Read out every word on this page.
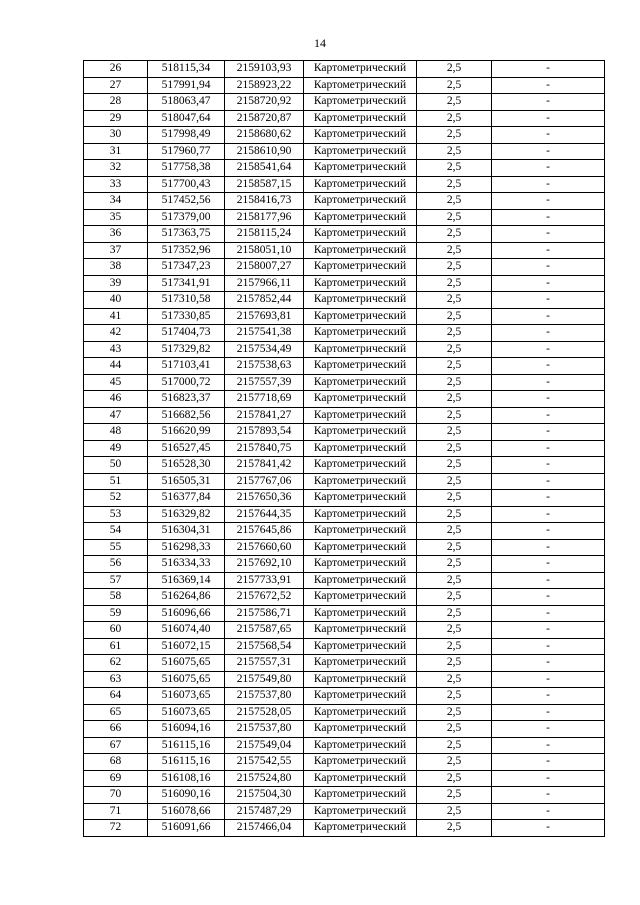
14
26	518115,34	2159103,93	Картометрический	2,5	-
27	517991,94	2158923,22	Картометрический	2,5	-
28	518063,47	2158720,92	Картометрический	2,5	-
29	518047,64	2158720,87	Картометрический	2,5	-
30	517998,49	2158680,62	Картометрический	2,5	-
31	517960,77	2158610,90	Картометрический	2,5	-
32	517758,38	2158541,64	Картометрический	2,5	-
33	517700,43	2158587,15	Картометрический	2,5	-
34	517452,56	2158416,73	Картометрический	2,5	-
35	517379,00	2158177,96	Картометрический	2,5	-
36	517363,75	2158115,24	Картометрический	2,5	-
37	517352,96	2158051,10	Картометрический	2,5	-
38	517347,23	2158007,27	Картометрический	2,5	-
39	517341,91	2157966,11	Картометрический	2,5	-
40	517310,58	2157852,44	Картометрический	2,5	-
41	517330,85	2157693,81	Картометрический	2,5	-
42	517404,73	2157541,38	Картометрический	2,5	-
43	517329,82	2157534,49	Картометрический	2,5	-
44	517103,41	2157538,63	Картометрический	2,5	-
45	517000,72	2157557,39	Картометрический	2,5	-
46	516823,37	2157718,69	Картометрический	2,5	-
47	516682,56	2157841,27	Картометрический	2,5	-
48	516620,99	2157893,54	Картометрический	2,5	-
49	516527,45	2157840,75	Картометрический	2,5	-
50	516528,30	2157841,42	Картометрический	2,5	-
51	516505,31	2157767,06	Картометрический	2,5	-
52	516377,84	2157650,36	Картометрический	2,5	-
53	516329,82	2157644,35	Картометрический	2,5	-
54	516304,31	2157645,86	Картометрический	2,5	-
55	516298,33	2157660,60	Картометрический	2,5	-
56	516334,33	2157692,10	Картометрический	2,5	-
57	516369,14	2157733,91	Картометрический	2,5	-
58	516264,86	2157672,52	Картометрический	2,5	-
59	516096,66	2157586,71	Картометрический	2,5	-
60	516074,40	2157587,65	Картометрический	2,5	-
61	516072,15	2157568,54	Картометрический	2,5	-
62	516075,65	2157557,31	Картометрический	2,5	-
63	516075,65	2157549,80	Картометрический	2,5	-
64	516073,65	2157537,80	Картометрический	2,5	-
65	516073,65	2157528,05	Картометрический	2,5	-
66	516094,16	2157537,80	Картометрический	2,5	-
67	516115,16	2157549,04	Картометрический	2,5	-
68	516115,16	2157542,55	Картометрический	2,5	-
69	516108,16	2157524,80	Картометрический	2,5	-
70	516090,16	2157504,30	Картометрический	2,5	-
71	516078,66	2157487,29	Картометрический	2,5	-
72	516091,66	2157466,04	Картометрический	2,5	-
